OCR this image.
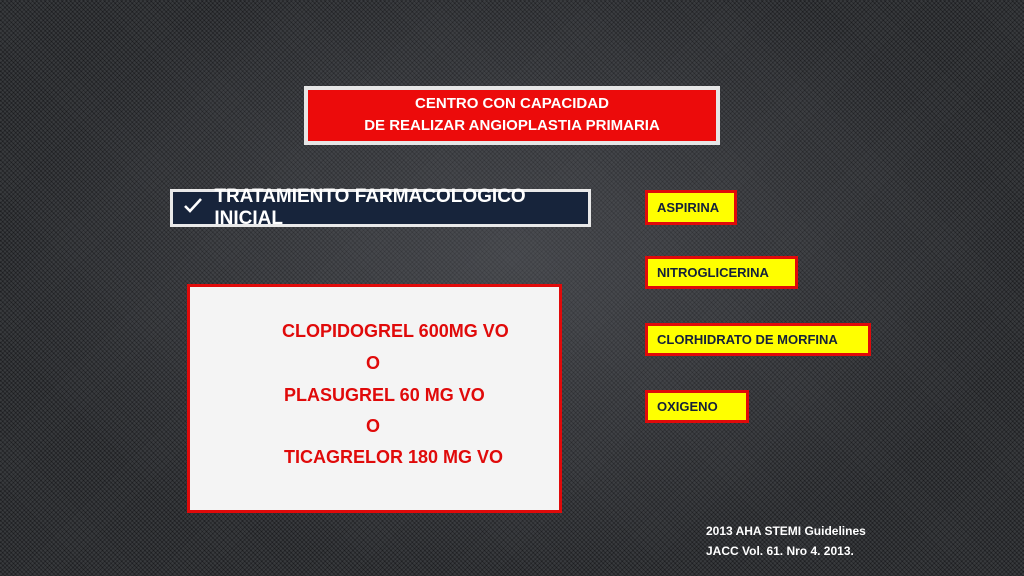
CENTRO CON CAPACIDAD
DE REALIZAR ANGIOPLASTIA PRIMARIA
TRATAMIENTO FARMACOLOGICO INICIAL
CLOPIDOGREL 600MG VO
O
PLASUGREL 60 MG VO
O
TICAGRELOR 180 MG VO
ASPIRINA
NITROGLICERINA
CLORHIDRATO DE MORFINA
OXIGENO
2013 AHA STEMI Guidelines
JACC Vol. 61. Nro 4. 2013.
